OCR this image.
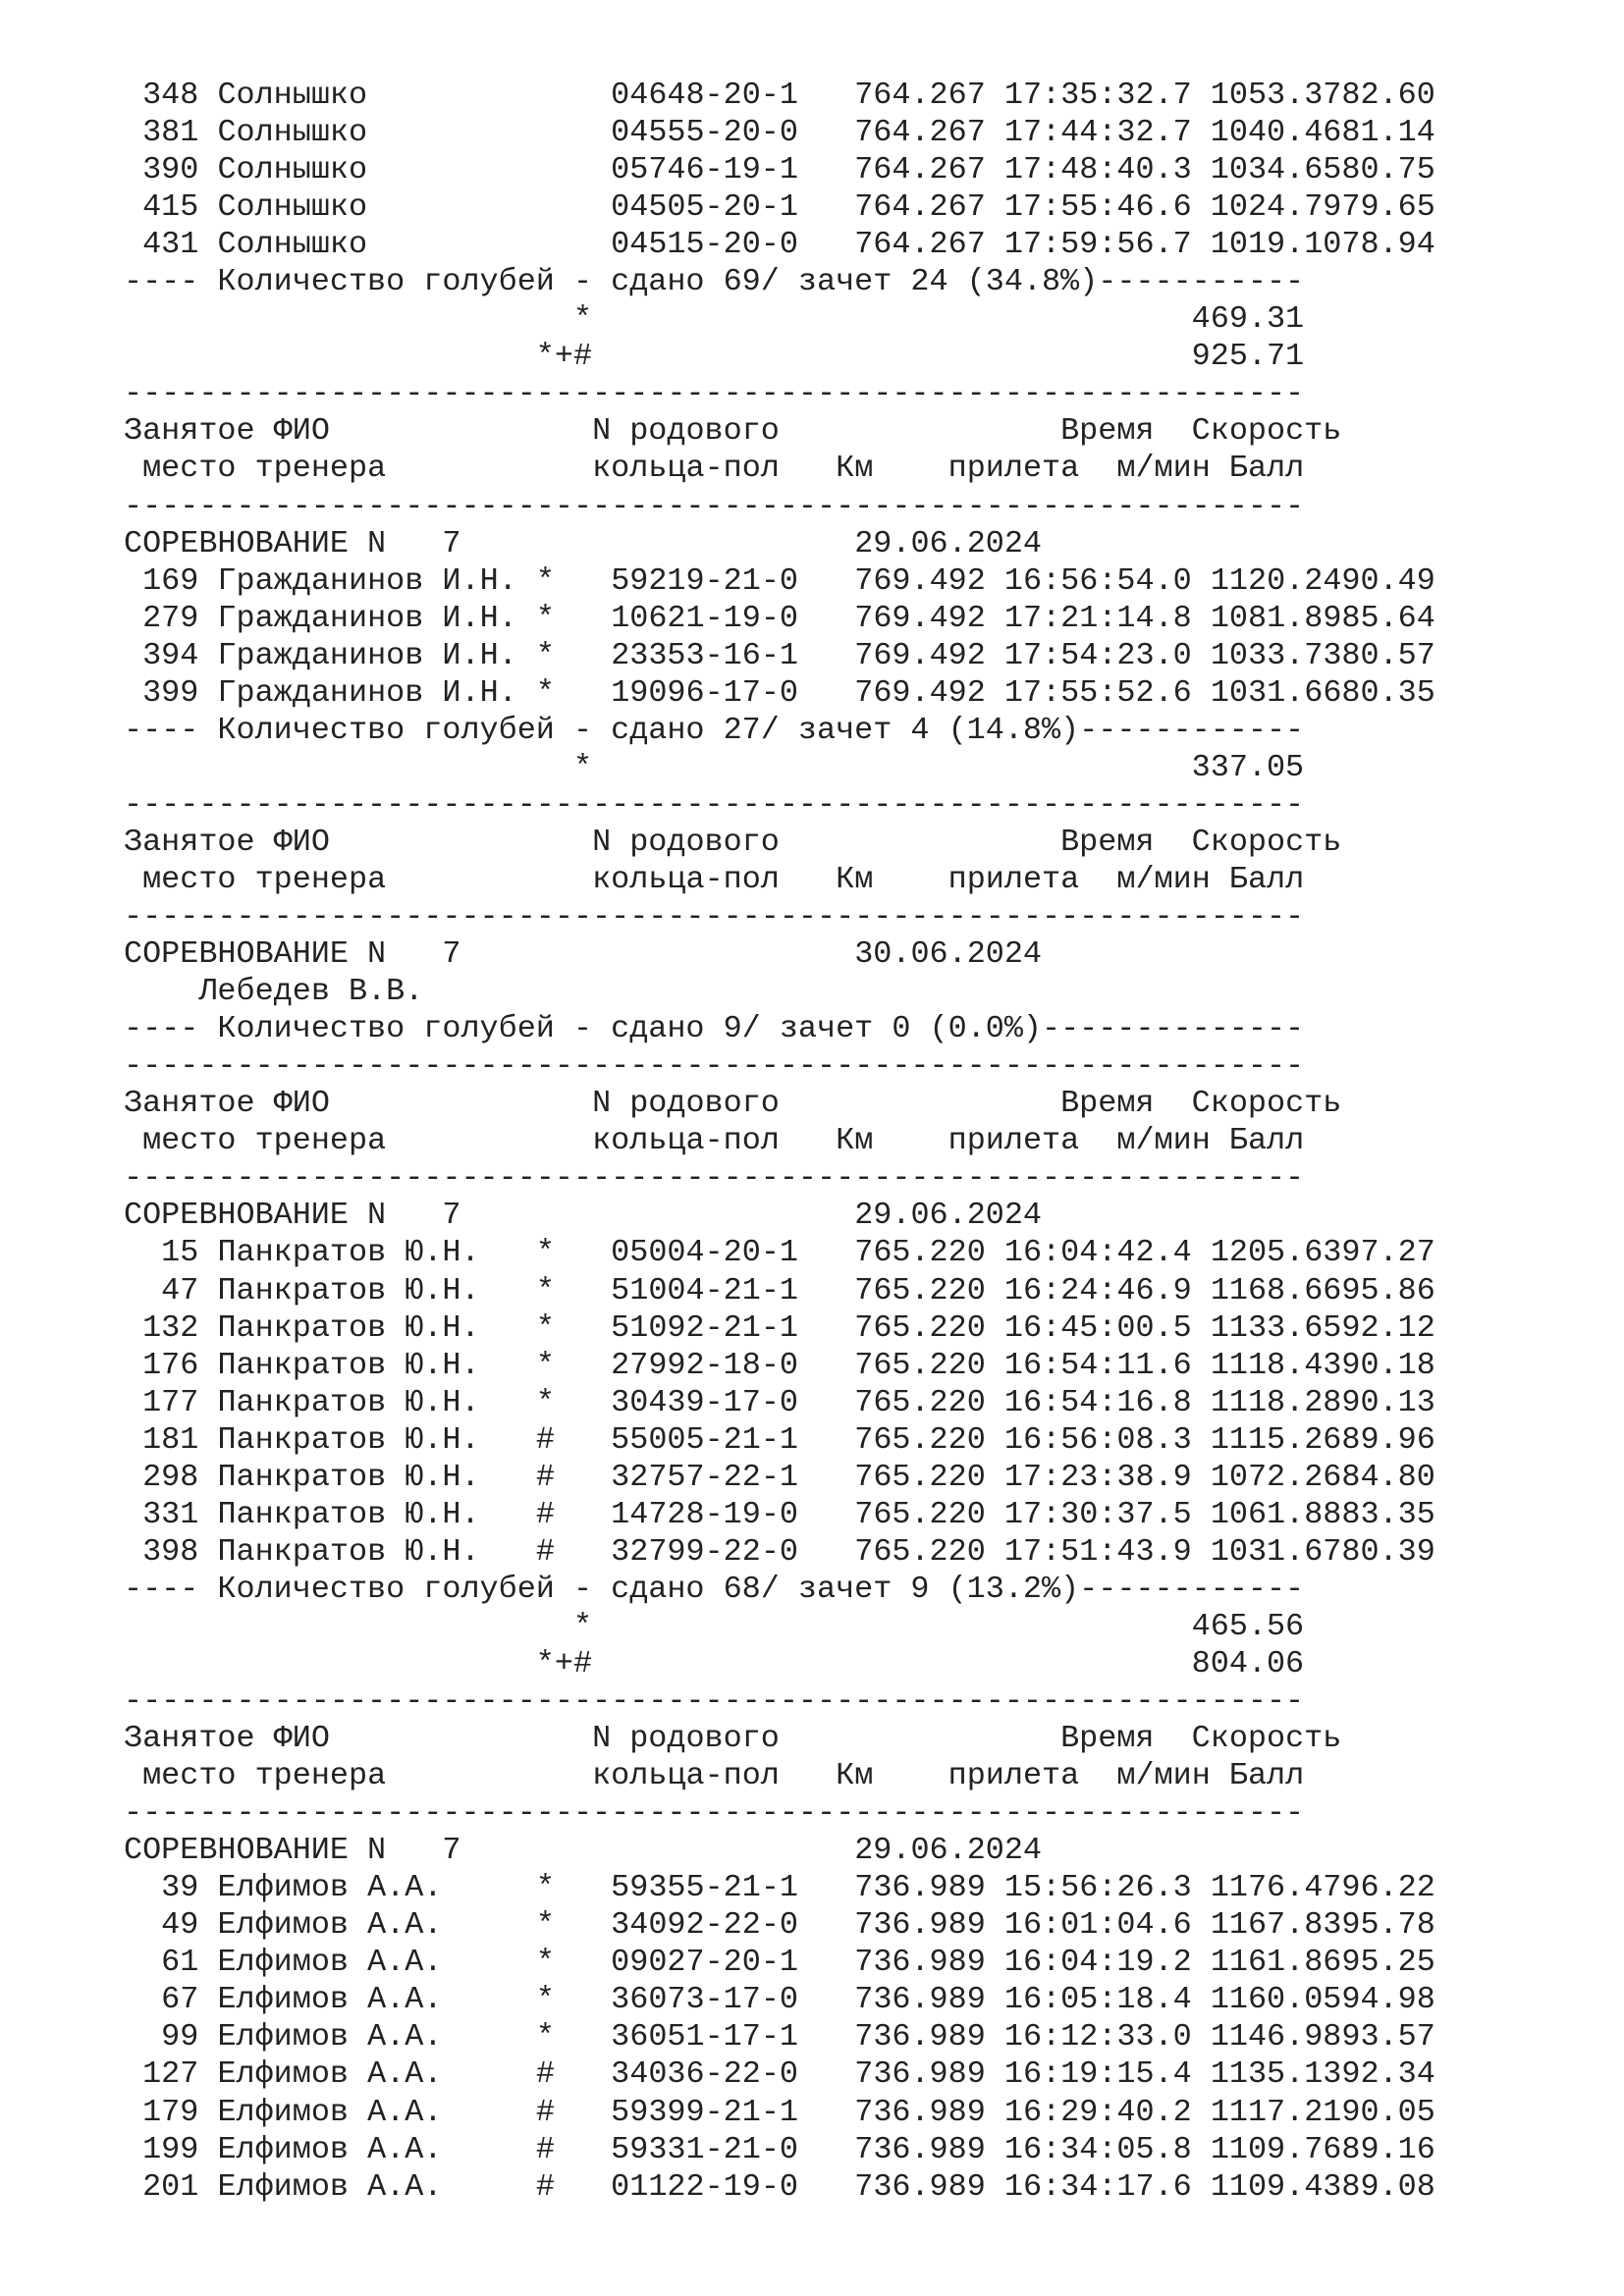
348 Солнышко	04648-20-1 764.267 17:35:32.7 1053.3782.60
381 Солнышко	04555-20-0 764.267 17:44:32.7 1040.4681.14
390 Солнышко	05746-19-1 764.267 17:48:40.3 1034.6580.75
415 Солнышко	04505-20-1 764.267 17:55:46.6 1024.7979.65
431 Солнышко	04515-20-0 764.267 17:59:56.7 1019.1078.94
---- Количество голубей - сдано 69/ зачет 24 (34.8%)-----------
*	469.31
*+#	925.71
---------------------------------------------------------------
Занятое ФИО	N родового	Время Скорость
место тренера	кольца-пол Км прилета м/мин Балл
---------------------------------------------------------------
СОРЕВНОВАНИЕ N 7	29.06.2024
169 Гражданинов И.Н. * 59219-21-0 769.492 16:56:54.0 1120.2490.49
279 Гражданинов И.Н. * 10621-19-0 769.492 17:21:14.8 1081.8985.64
394 Гражданинов И.Н. * 23353-16-1 769.492 17:54:23.0 1033.7380.57
399 Гражданинов И.Н. * 19096-17-0 769.492 17:55:52.6 1031.6680.35
---- Количество голубей - сдано 27/ зачет 4 (14.8%)------------
*	337.05
---------------------------------------------------------------
Занятое ФИО	N родового	Время Скорость
место тренера	кольца-пол Км прилета м/мин Балл
---------------------------------------------------------------
СОРЕВНОВАНИЕ N 7	30.06.2024
Лебедев В.В.
---- Количество голубей - сдано 9/ зачет 0 (0.0%)--------------
---------------------------------------------------------------
Занятое ФИО	N родового	Время Скорость
место тренера	кольца-пол Км прилета м/мин Балл
---------------------------------------------------------------
СОРЕВНОВАНИЕ N 7	29.06.2024
15 Панкратов Ю.Н. * 05004-20-1 765.220 16:04:42.4 1205.6397.27
47 Панкратов Ю.Н. * 51004-21-1 765.220 16:24:46.9 1168.6695.86
132 Панкратов Ю.Н. * 51092-21-1 765.220 16:45:00.5 1133.6592.12
176 Панкратов Ю.Н. * 27992-18-0 765.220 16:54:11.6 1118.4390.18
177 Панкратов Ю.Н. * 30439-17-0 765.220 16:54:16.8 1118.2890.13
181 Панкратов Ю.Н. # 55005-21-1 765.220 16:56:08.3 1115.2689.96
298 Панкратов Ю.Н. # 32757-22-1 765.220 17:23:38.9 1072.2684.80
331 Панкратов Ю.Н. # 14728-19-0 765.220 17:30:37.5 1061.8883.35
398 Панкратов Ю.Н. # 32799-22-0 765.220 17:51:43.9 1031.6780.39
---- Количество голубей - сдано 68/ зачет 9 (13.2%)------------
*	465.56
*+#	804.06
---------------------------------------------------------------
Занятое ФИО	N родового	Время Скорость
место тренера	кольца-пол Км прилета м/мин Балл
---------------------------------------------------------------
СОРЕВНОВАНИЕ N 7	29.06.2024
39 Елфимов А.А.	* 59355-21-1 736.989 15:56:26.3 1176.4796.22
49 Елфимов А.А.	* 34092-22-0 736.989 16:01:04.6 1167.8395.78
61 Елфимов А.А.	* 09027-20-1 736.989 16:04:19.2 1161.8695.25
67 Елфимов А.А.	* 36073-17-0 736.989 16:05:18.4 1160.0594.98
99 Елфимов А.А.	* 36051-17-1 736.989 16:12:33.0 1146.9893.57
127 Елфимов А.А.	# 34036-22-0 736.989 16:19:15.4 1135.1392.34
179 Елфимов А.А.	# 59399-21-1 736.989 16:29:40.2 1117.2190.05
199 Елфимов А.А.	# 59331-21-0 736.989 16:34:05.8 1109.7689.16
201 Елфимов А.А.	# 01122-19-0 736.989 16:34:17.6 1109.4389.08
